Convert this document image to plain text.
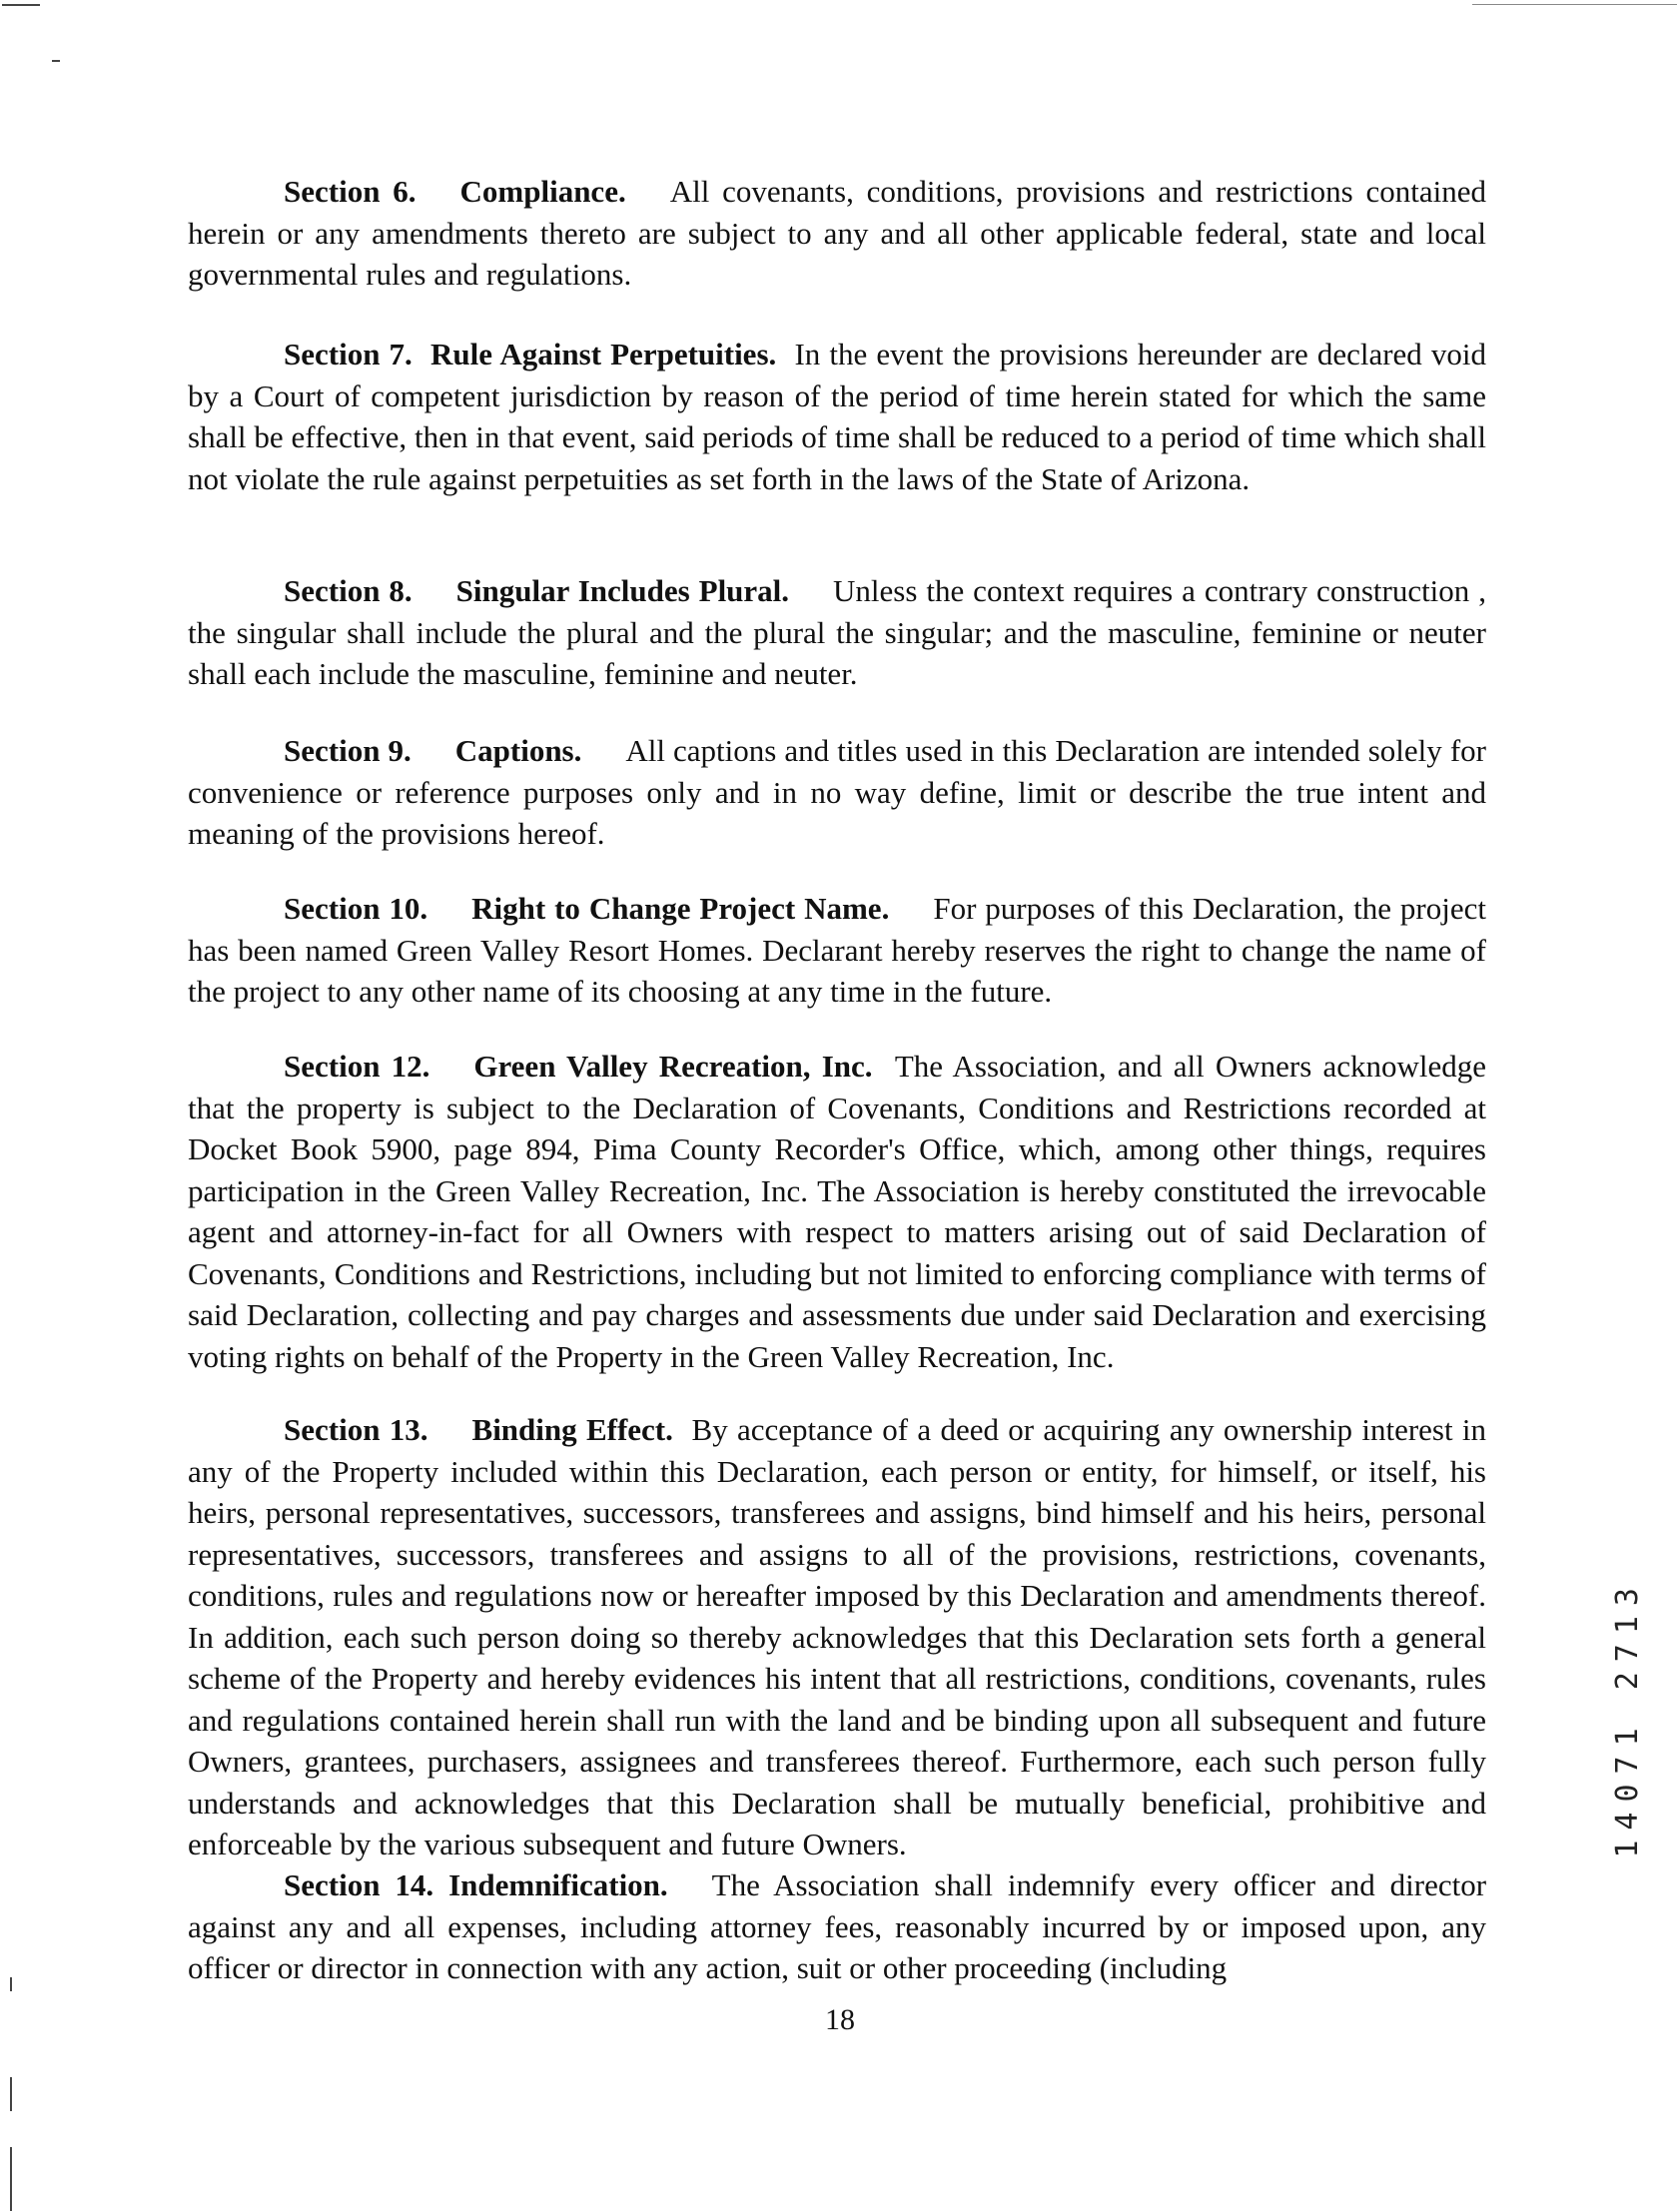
Section 6. Compliance. All covenants, conditions, provisions and restrictions contained herein or any amendments thereto are subject to any and all other applicable federal, state and local governmental rules and regulations.

Section 7. Rule Against Perpetuities. In the event the provisions hereunder are declared void by a Court of competent jurisdiction by reason of the period of time herein stated for which the same shall be effective, then in that event, said periods of time shall be reduced to a period of time which shall not violate the rule against perpetuities as set forth in the laws of the State of Arizona.

Section 8. Singular Includes Plural. Unless the context requires a contrary construction , the singular shall include the plural and the plural the singular; and the masculine, feminine or neuter shall each include the masculine, feminine and neuter.

Section 9. Captions. All captions and titles used in this Declaration are intended solely for convenience or reference purposes only and in no way define, limit or describe the true intent and meaning of the provisions hereof.

Section 10. Right to Change Project Name. For purposes of this Declaration, the project has been named Green Valley Resort Homes. Declarant hereby reserves the right to change the name of the project to any other name of its choosing at any time in the future.

Section 12. Green Valley Recreation, Inc. The Association, and all Owners acknowledge that the property is subject to the Declaration of Covenants, Conditions and Restrictions recorded at Docket Book 5900, page 894, Pima County Recorder's Office, which, among other things, requires participation in the Green Valley Recreation, Inc. The Association is hereby constituted the irrevocable agent and attorney-in-fact for all Owners with respect to matters arising out of said Declaration of Covenants, Conditions and Restrictions, including but not limited to enforcing compliance with terms of said Declaration, collecting and pay charges and assessments due under said Declaration and exercising voting rights on behalf of the Property in the Green Valley Recreation, Inc.

Section 13. Binding Effect. By acceptance of a deed or acquiring any ownership interest in any of the Property included within this Declaration, each person or entity, for himself, or itself, his heirs, personal representatives, successors, transferees and assigns, bind himself and his heirs, personal representatives, successors, transferees and assigns to all of the provisions, restrictions, covenants, conditions, rules and regulations now or hereafter imposed by this Declaration and amendments thereof. In addition, each such person doing so thereby acknowledges that this Declaration sets forth a general scheme of the Property and hereby evidences his intent that all restrictions, conditions, covenants, rules and regulations contained herein shall run with the land and be binding upon all subsequent and future Owners, grantees, purchasers, assignees and transferees thereof. Furthermore, each such person fully understands and acknowledges that this Declaration shall be mutually beneficial, prohibitive and enforceable by the various subsequent and future Owners.

Section 14. Indemnification. The Association shall indemnify every officer and director against any and all expenses, including attorney fees, reasonably incurred by or imposed upon, any officer or director in connection with any action, suit or other proceeding (including

18
14071 2713
